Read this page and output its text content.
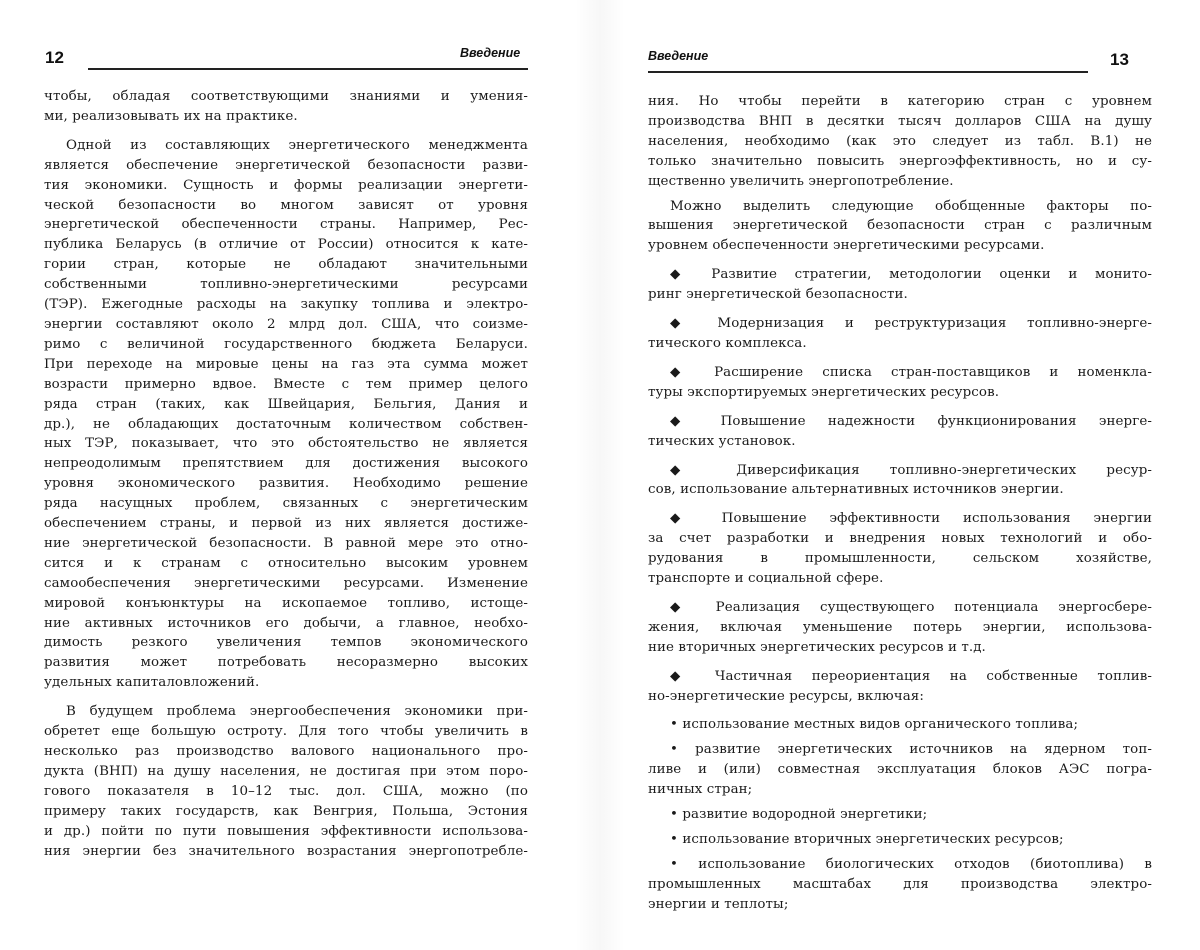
12	Введение
чтобы, обладая соответствующими знаниями и умения-
ми, реализовывать их на практике.
Одной из составляющих энергетического менеджмента
является обеспечение энергетической безопасности разви-
тия экономики. Сущность и формы реализации энергети-
ческой безопасности во многом зависят от уровня
энергетической обеспеченности страны. Например, Рес-
публика Беларусь (в отличие от России) относится к кате-
гории стран, которые не обладают значительными
собственными топливно-энергетическими ресурсами
(ТЭР). Ежегодные расходы на закупку топлива и электро-
энергии составляют около 2 млрд дол. США, что соизме-
римо с величиной государственного бюджета Беларуси.
При переходе на мировые цены на газ эта сумма может
возрасти примерно вдвое. Вместе с тем пример целого
ряда стран (таких, как Швейцария, Бельгия, Дания и
др.), не обладающих достаточным количеством собствен-
ных ТЭР, показывает, что это обстоятельство не является
непреодолимым препятствием для достижения высокого
уровня экономического развития. Необходимо решение
ряда насущных проблем, связанных с энергетическим
обеспечением страны, и первой из них является достиже-
ние энергетической безопасности. В равной мере это отно-
сится и к странам с относительно высоким уровнем
самообеспечения энергетическими ресурсами. Изменение
мировой конъюнктуры на ископаемое топливо, истоще-
ние активных источников его добычи, а главное, необхо-
димость резкого увеличения темпов экономического
развития может потребовать несоразмерно высоких
удельных капиталовложений.
В будущем проблема энергообеспечения экономики при-
обретет еще большую остроту. Для того чтобы увеличить в
несколько раз производство валового национального про-
дукта (ВНП) на душу населения, не достигая при этом поро-
гового показателя в 10–12 тыс. дол. США, можно (по
примеру таких государств, как Венгрия, Польша, Эстония
и др.) пойти по пути повышения эффективности использова-
ния энергии без значительного возрастания энергопотребле-
13
Введение
ния. Но чтобы перейти в категорию стран с уровнем
производства ВНП в десятки тысяч долларов США на душу
населения, необходимо (как это следует из табл. В.1) не
только значительно повысить энергоэффективность, но и су-
щественно увеличить энергопотребление.
Можно выделить следующие обобщенные факторы по-
вышения энергетической безопасности стран с различным
уровнем обеспеченности энергетическими ресурсами.
◆ Развитие стратегии, методологии оценки и монито-
ринг энергетической безопасности.
◆ Модернизация и реструктуризация топливно-энерге-
тического комплекса.
◆ Расширение списка стран-поставщиков и номенкла-
туры экспортируемых энергетических ресурсов.
◆ Повышение надежности функционирования энерге-
тических установок.
◆ Диверсификация топливно-энергетических ресур-
сов, использование альтернативных источников энергии.
◆ Повышение эффективности использования энергии
за счет разработки и внедрения новых технологий и обо-
рудования в промышленности, сельском хозяйстве,
транспорте и социальной сфере.
◆ Реализация существующего потенциала энергосбере-
жения, включая уменьшение потерь энергии, использова-
ние вторичных энергетических ресурсов и т.д.
◆ Частичная переориентация на собственные топлив-
но-энергетические ресурсы, включая:
• использование местных видов органического топлива;
• развитие энергетических источников на ядерном топ-
ливе и (или) совместная эксплуатация блоков АЭС погра-
ничных стран;
• развитие водородной энергетики;
• использование вторичных энергетических ресурсов;
• использование биологических отходов (биотоплива) в
промышленных масштабах для производства электро-
энергии и теплоты;
